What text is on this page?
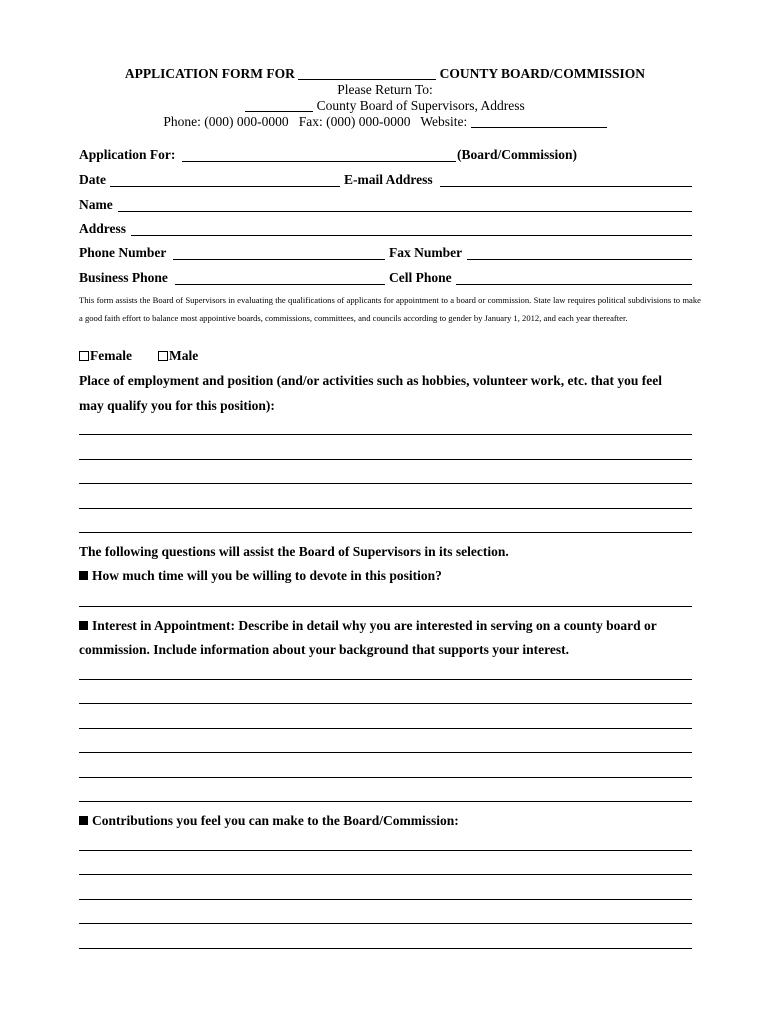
APPLICATION FORM FOR	COUNTY BOARD/COMMISSION
Please Return To:
County Board of Supervisors, Address
Phone: (000) 000-0000 Fax: (000) 000-0000 Website:
Application For:	(Board/Commission)
Date	E-mail Address
Name
Address
Phone Number	Fax Number
Business Phone	Cell Phone
This form assists the Board of Supervisors in evaluating the qualifications of applicants for appointment to a board or commission. State law requires political subdivisions to make a good faith effort to balance most appointive boards, commissions, committees, and councils according to gender by January 1, 2012, and each year thereafter.
Female	Male
Place of employment and position (and/or activities such as hobbies, volunteer work, etc. that you feel
may qualify you for this position):
The following questions will assist the Board of Supervisors in its selection.
How much time will you be willing to devote in this position?
Interest in Appointment: Describe in detail why you are interested in serving on a county board or
commission. Include information about your background that supports your interest.
Contributions you feel you can make to the Board/Commission:
